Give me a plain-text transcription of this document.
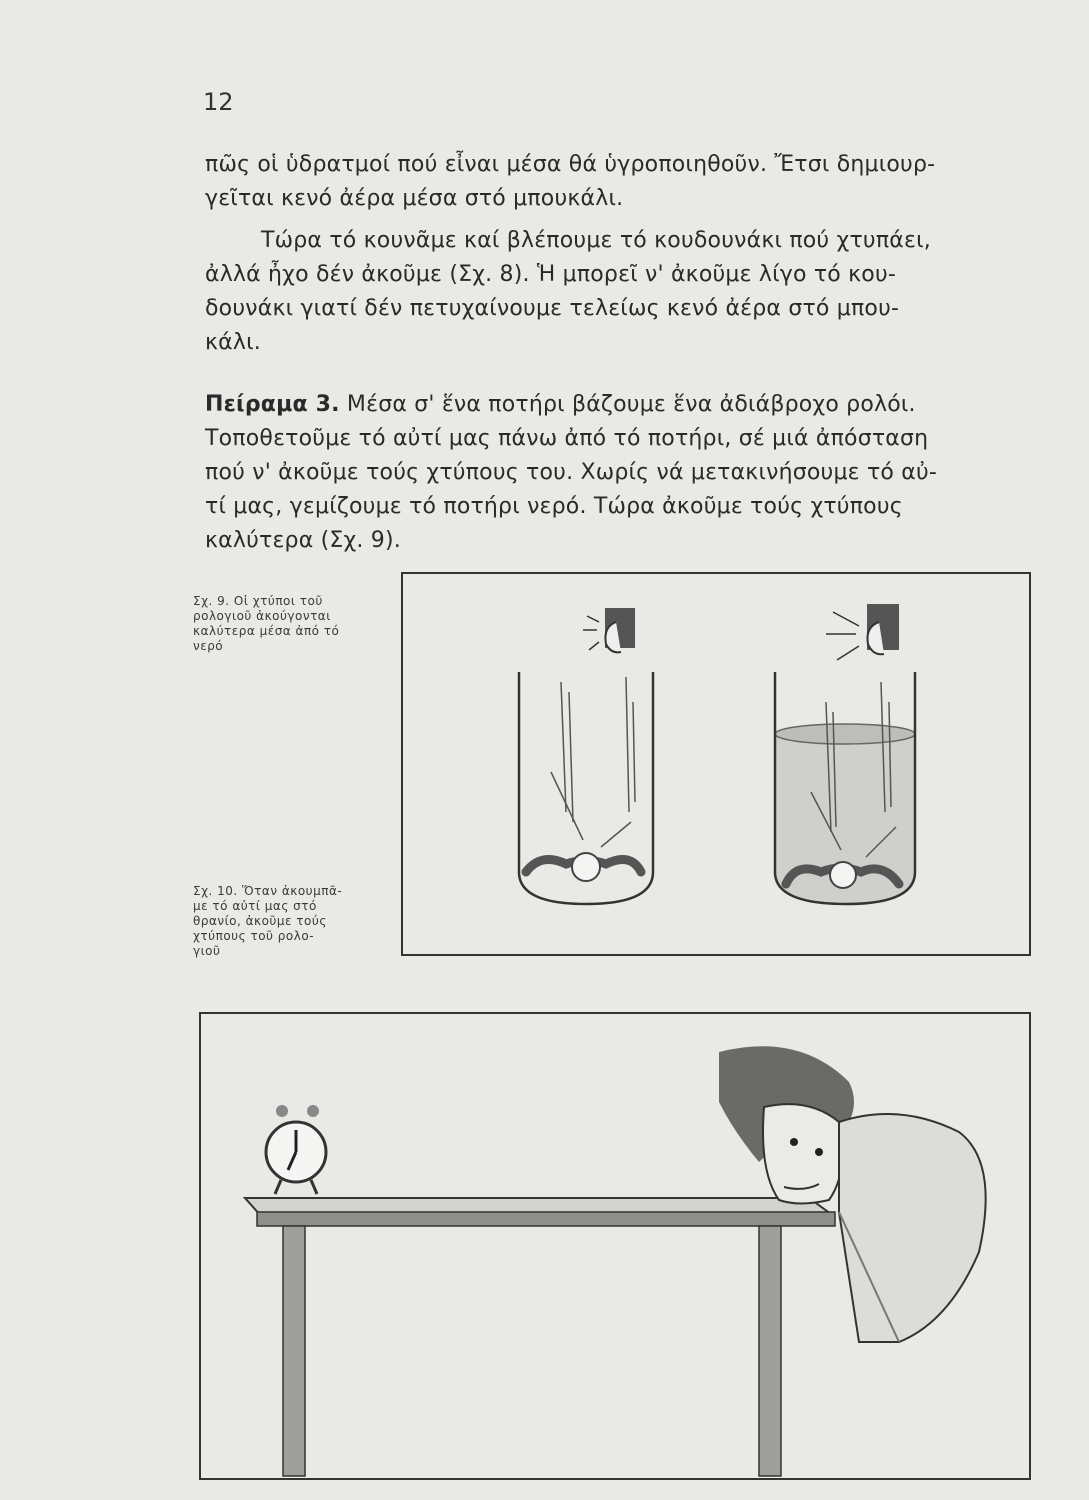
12

πῶς οἱ ὑδρατμοί πού εἶναι μέσα θά ὑγροποιηθοῦν. Ἔτσι δημιουρ-
γεῖται κενό ἀέρα μέσα στό μπουκάλι.

Τώρα τό κουνᾶμε καί βλέπουμε τό κουδουνάκι πού χτυπάει,
ἀλλά ἦχο δέν ἀκοῦμε (Σχ. 8). Ἡ μπορεῖ ν' ἀκοῦμε λίγο τό κου-
δουνάκι γιατί δέν πετυχαίνουμε τελείως κενό ἀέρα στό μπου-
κάλι.

Πείραμα 3. Μέσα σ' ἕνα ποτήρι βάζουμε ἕνα ἀδιάβροχο ρολόι.
Τοποθετοῦμε τό αὐτί μας πάνω ἀπό τό ποτήρι, σέ μιά ἀπόσταση
πού ν' ἀκοῦμε τούς χτύπους του. Χωρίς νά μετακινήσουμε τό αὐ-
τί μας, γεμίζουμε τό ποτήρι νερό. Τώρα ἀκοῦμε τούς χτύπους
καλύτερα (Σχ. 9).

Σχ. 9. Οἱ χτύποι τοῦ
ρολογιοῦ ἀκούγονται
καλύτερα μέσα ἀπό τό
νερό
Σχ. 10. Ὅταν ἀκουμπᾶ-
με τό αὐτί μας στό
θρανίο, ἀκοῦμε τούς
χτύπους τοῦ ρολο-
γιοῦ
